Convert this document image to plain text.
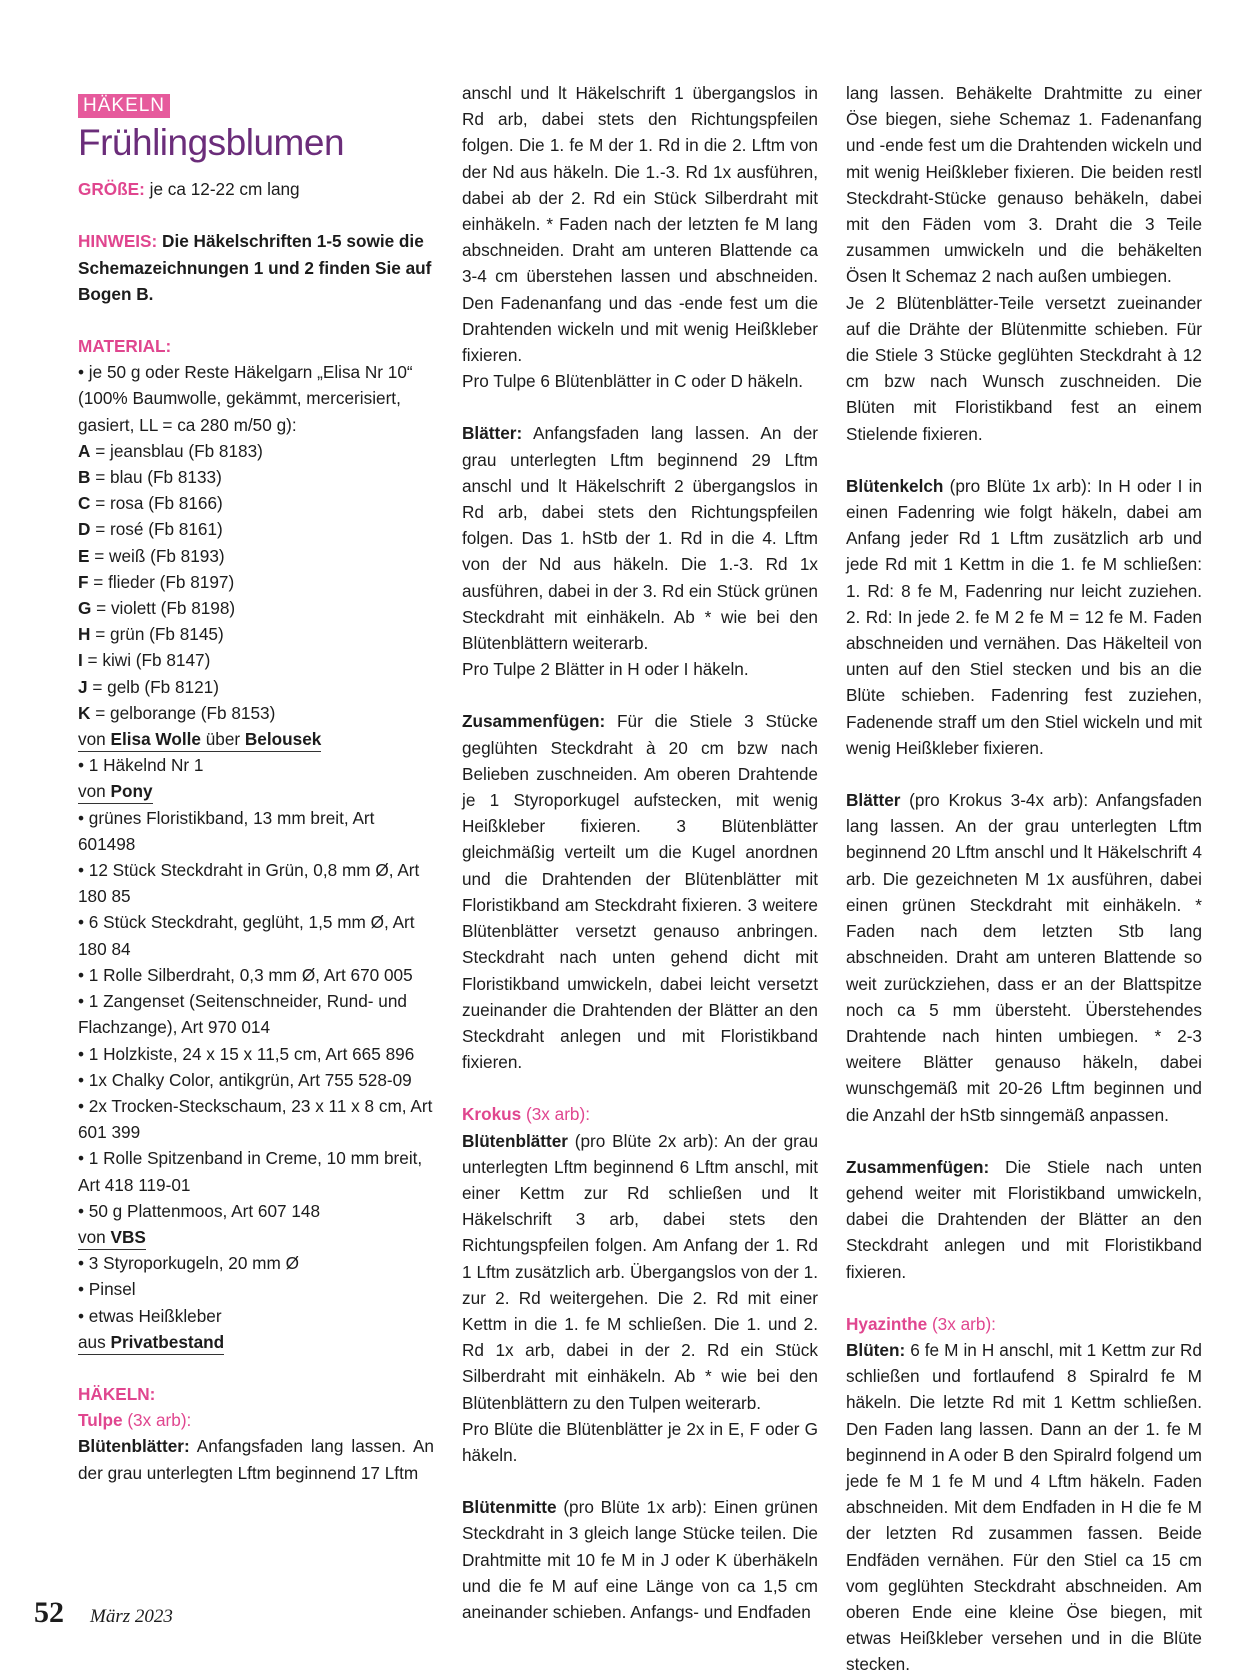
HÄKELN
Frühlingsblumen

GRÖßE: je ca 12-22 cm lang

HINWEIS: Die Häkelschriften 1-5 sowie die Schemazeichnungen 1 und 2 finden Sie auf Bogen B.

MATERIAL:

• je 50 g oder Reste Häkelgarn „Elisa Nr 10“ (100% Baumwolle, gekämmt, mercerisiert, gasiert, LL = ca 280 m/50 g):

A = jeansblau (Fb 8183)

B = blau (Fb 8133)

C = rosa (Fb 8166)

D = rosé (Fb 8161)

E = weiß (Fb 8193)

F = flieder (Fb 8197)

G = violett (Fb 8198)

H = grün (Fb 8145)

I = kiwi (Fb 8147)

J = gelb (Fb 8121)

K = gelborange (Fb 8153)

von Elisa Wolle über Belousek

• 1 Häkelnd Nr 1

von Pony

• grünes Floristikband, 13 mm breit, Art 601498

• 12 Stück Steckdraht in Grün, 0,8 mm Ø, Art 180 85

• 6 Stück Steckdraht, geglüht, 1,5 mm Ø, Art 180 84

• 1 Rolle Silberdraht, 0,3 mm Ø, Art 670 005

• 1 Zangenset (Seitenschneider, Rund- und Flachzange), Art 970 014

• 1 Holzkiste, 24 x 15 x 11,5 cm, Art 665 896

• 1x Chalky Color, antikgrün, Art 755 528-09

• 2x Trocken-Steckschaum, 23 x 11 x 8 cm, Art 601 399

• 1 Rolle Spitzenband in Creme, 10 mm breit, Art 418 119-01

• 50 g Plattenmoos, Art 607 148

von VBS

• 3 Styroporkugeln, 20 mm Ø

• Pinsel

• etwas Heißkleber

aus Privatbestand

HÄKELN:

Tulpe (3x arb):

Blütenblätter: Anfangsfaden lang lassen. An der grau unterlegten Lftm beginnend 17 Lftm

anschl und lt Häkelschrift 1 übergangslos in Rd arb, dabei stets den Richtungspfeilen folgen. Die 1. fe M der 1. Rd in die 2. Lftm von der Nd aus häkeln. Die 1.-3. Rd 1x ausführen, dabei ab der 2. Rd ein Stück Silberdraht mit einhäkeln. * Faden nach der letzten fe M lang abschneiden. Draht am unteren Blattende ca 3-4 cm überstehen lassen und abschneiden. Den Fadenanfang und das -ende fest um die Drahtenden wickeln und mit wenig Heißkleber fixieren.

Pro Tulpe 6 Blütenblätter in C oder D häkeln.

Blätter: Anfangsfaden lang lassen. An der grau unterlegten Lftm beginnend 29 Lftm anschl und lt Häkelschrift 2 übergangslos in Rd arb, dabei stets den Richtungspfeilen folgen. Das 1. hStb der 1. Rd in die 4. Lftm von der Nd aus häkeln. Die 1.-3. Rd 1x ausführen, dabei in der 3. Rd ein Stück grünen Steckdraht mit einhäkeln. Ab * wie bei den Blütenblättern weiterarb.

Pro Tulpe 2 Blätter in H oder I häkeln.

Zusammenfügen: Für die Stiele 3 Stücke geglühten Steckdraht à 20 cm bzw nach Belieben zuschneiden. Am oberen Drahtende je 1 Styroporkugel aufstecken, mit wenig Heißkleber fixieren. 3 Blütenblätter gleichmäßig verteilt um die Kugel anordnen und die Drahtenden der Blütenblätter mit Floristikband am Steckdraht fixieren. 3 weitere Blütenblätter versetzt genauso anbringen. Steckdraht nach unten gehend dicht mit Floristikband umwickeln, dabei leicht versetzt zueinander die Drahtenden der Blätter an den Steckdraht anlegen und mit Floristikband fixieren.

Krokus (3x arb):

Blütenblätter (pro Blüte 2x arb): An der grau unterlegten Lftm beginnend 6 Lftm anschl, mit einer Kettm zur Rd schließen und lt Häkelschrift 3 arb, dabei stets den Richtungspfeilen folgen. Am Anfang der 1. Rd 1 Lftm zusätzlich arb. Übergangslos von der 1. zur 2. Rd weitergehen. Die 2. Rd mit einer Kettm in die 1. fe M schließen. Die 1. und 2. Rd 1x arb, dabei in der 2. Rd ein Stück Silberdraht mit einhäkeln. Ab * wie bei den Blütenblättern zu den Tulpen weiterarb.

Pro Blüte die Blütenblätter je 2x in E, F oder G häkeln.

Blütenmitte (pro Blüte 1x arb): Einen grünen Steckdraht in 3 gleich lange Stücke teilen. Die Drahtmitte mit 10 fe M in J oder K überhäkeln und die fe M auf eine Länge von ca 1,5 cm aneinander schieben. Anfangs- und Endfaden

lang lassen. Behäkelte Drahtmitte zu einer Öse biegen, siehe Schemaz 1. Fadenanfang und -ende fest um die Drahtenden wickeln und mit wenig Heißkleber fixieren. Die beiden restl Steckdraht-Stücke genauso behäkeln, dabei mit den Fäden vom 3. Draht die 3 Teile zusammen umwickeln und die behäkelten Ösen lt Schemaz 2 nach außen umbiegen.

Je 2 Blütenblätter-Teile versetzt zueinander auf die Drähte der Blütenmitte schieben. Für die Stiele 3 Stücke geglühten Steckdraht à 12 cm bzw nach Wunsch zuschneiden. Die Blüten mit Floristikband fest an einem Stielende fixieren.

Blütenkelch (pro Blüte 1x arb): In H oder I in einen Fadenring wie folgt häkeln, dabei am Anfang jeder Rd 1 Lftm zusätzlich arb und jede Rd mit 1 Kettm in die 1. fe M schließen: 1. Rd: 8 fe M, Fadenring nur leicht zuziehen. 2. Rd: In jede 2. fe M 2 fe M = 12 fe M. Faden abschneiden und vernähen. Das Häkelteil von unten auf den Stiel stecken und bis an die Blüte schieben. Fadenring fest zuziehen, Fadenende straff um den Stiel wickeln und mit wenig Heißkleber fixieren.

Blätter (pro Krokus 3-4x arb): Anfangsfaden lang lassen. An der grau unterlegten Lftm beginnend 20 Lftm anschl und lt Häkelschrift 4 arb. Die gezeichneten M 1x ausführen, dabei einen grünen Steckdraht mit einhäkeln. * Faden nach dem letzten Stb lang abschneiden. Draht am unteren Blattende so weit zurückziehen, dass er an der Blattspitze noch ca 5 mm übersteht. Überstehendes Drahtende nach hinten umbiegen. * 2-3 weitere Blätter genauso häkeln, dabei wunschgemäß mit 20-26 Lftm beginnen und die Anzahl der hStb sinngemäß anpassen.

Zusammenfügen: Die Stiele nach unten gehend weiter mit Floristikband umwickeln, dabei die Drahtenden der Blätter an den Steckdraht anlegen und mit Floristikband fixieren.

Hyazinthe (3x arb):

Blüten: 6 fe M in H anschl, mit 1 Kettm zur Rd schließen und fortlaufend 8 Spiralrd fe M häkeln. Die letzte Rd mit 1 Kettm schließen. Den Faden lang lassen. Dann an der 1. fe M beginnend in A oder B den Spiralrd folgend um jede fe M 1 fe M und 4 Lftm häkeln. Faden abschneiden. Mit dem Endfaden in H die fe M der letzten Rd zusammen fassen. Beide Endfäden vernähen. Für den Stiel ca 15 cm vom geglühten Steckdraht abschneiden. Am oberen Ende eine kleine Öse biegen, mit etwas Heißkleber versehen und in die Blüte stecken.

52 März 2023
